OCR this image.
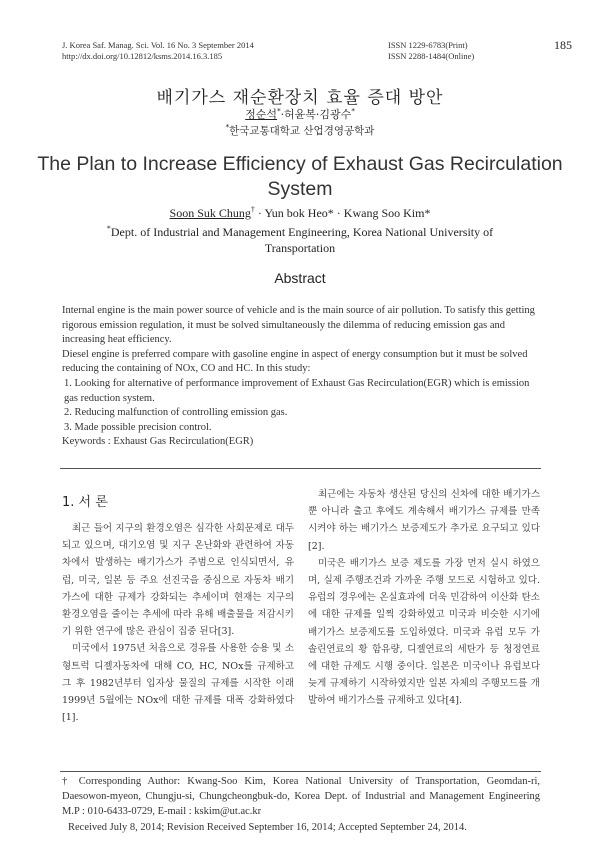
J. Korea Saf. Manag. Sci. Vol. 16 No. 3 September 2014
http://dx.doi.org/10.12812/ksms.2014.16.3.185
ISSN 1229-6783(Print)
ISSN 2288-1484(Online)
185
배기가스 재순환장치 효율 증대 방안
정순석*·허윤복·김광수*
*한국교통대학교 산업경영공학과
The Plan to Increase Efficiency of Exhaust Gas Recirculation
System
Soon Suk Chung† · Yun bok Heo* · Kwang Soo Kim*
*Dept. of Industrial and Management Engineering, Korea National University of
Transportation
Abstract

Internal engine is the main power source of vehicle and is the main source of air pollution. To satisfy this getting rigorous emission regulation, it must be solved simultaneously the dilemma of reducing emission gas and increasing heat efficiency.

Diesel engine is preferred compare with gasoline engine in aspect of energy consumption but it must be solved reducing the containing of NOx, CO and HC. In this study:

1. Looking for alternative of performance improvement of Exhaust Gas Recirculation(EGR) which is emission gas reduction system.

2. Reducing malfunction of controlling emission gas.

3. Made possible precision control.

Keywords : Exhaust Gas Recirculation(EGR)

1. 서 론

최근 들어 지구의 환경오염은 심각한 사회문제로 대두되고 있으며, 대기오염 및 지구 온난화와 관련하여 자동차에서 발생하는 배기가스가 주범으로 인식되면서, 유럽, 미국, 일본 등 주요 선진국을 중심으로 자동차 배기가스에 대한 규제가 강화되는 추세이며 현재는 지구의 환경오염을 줄이는 추세에 따라 유해 배출물을 저감시키기 위한 연구에 많은 관심이 집중 된다[3].

미국에서 1975년 처음으로 경유를 사용한 승용 및 소형트럭 디젤자동차에 대해 CO, HC, NOx를 규제하고 그 후 1982년부터 입자상 물질의 규제를 시작한 이래 1999년 5월에는 NOx에 대한 규제를 대폭 강화하였다[1].

최근에는 자동차 생산된 당신의 신차에 대한 배기가스 뿐 아니라 출고 후에도 계속해서 배기가스 규제를 만족시켜야 하는 배기가스 보증제도가 추가로 요구되고 있다[2].

미국은 배기가스 보증 제도를 가장 먼저 실시 하였으며, 실제 주행조건과 가까운 주행 모드로 시험하고 있다. 유럽의 경우에는 온실효과에 더욱 민감하여 이산화 탄소에 대한 규제를 일찍 강화하였고 미국과 비슷한 시기에 배기가스 보증제도를 도입하였다. 미국과 유럽 모두 가솔린연료의 황 함유량, 디젤연료의 세탄가 등 청정연료에 대한 규제도 시행 중이다. 일본은 미국이나 유럽보다 늦게 규제하기 시작하였지만 일본 자체의 주행모드를 개발하여 배기가스를 규제하고 있다[4].

† Corresponding Author: Kwang-Soo Kim, Korea National University of Transportation, Geomdan-ri, Daesowon-myeon, Chungju-si, Chungcheongbuk-do, Korea Dept. of Industrial and Management Engineering M.P : 010-6433-0729, E-mail : kskim@ut.ac.kr

Received July 8, 2014; Revision Received September 16, 2014; Accepted September 24, 2014.
